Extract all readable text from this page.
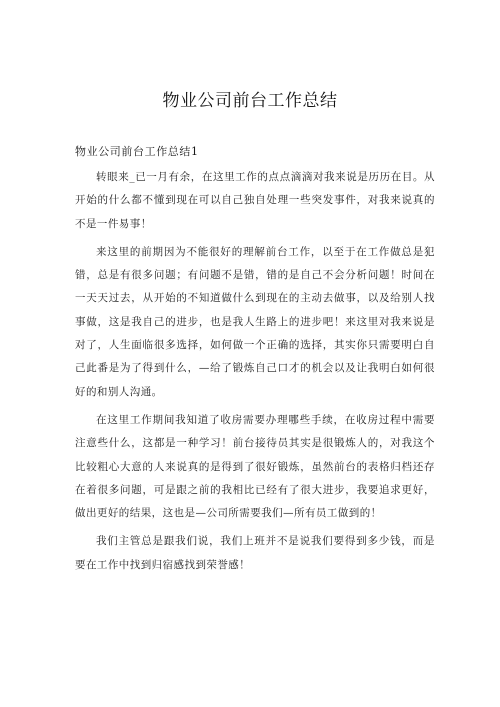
物业公司前台工作总结
物业公司前台工作总结1

转眼来_已一月有余，在这里工作的点点滴滴对我来说是历历在目。从开始的什么都不懂到现在可以自己独自处理一些突发事件，对我来说真的不是一件易事！

来这里的前期因为不能很好的理解前台工作，以至于在工作做总是犯错，总是有很多问题；有问题不是错，错的是自己不会分析问题！时间在一天天过去，从开始的不知道做什么到现在的主动去做事，以及给别人找事做，这是我自己的进步，也是我人生路上的进步吧！来这里对我来说是对了，人生面临很多选择，如何做一个正确的选择，其实你只需要明白自己此番是为了得到什么，—给了锻炼自己口才的机会以及让我明白如何很好的和别人沟通。

在这里工作期间我知道了收房需要办理哪些手续，在收房过程中需要注意些什么，这都是一种学习！前台接待员其实是很锻炼人的，对我这个比较粗心大意的人来说真的是得到了很好锻炼，虽然前台的表格归档还存在着很多问题，可是跟之前的我相比已经有了很大进步，我要追求更好，做出更好的结果，这也是—公司所需要我们—所有员工做到的！

我们主管总是跟我们说，我们上班并不是说我们要得到多少钱，而是要在工作中找到归宿感找到荣誉感！
